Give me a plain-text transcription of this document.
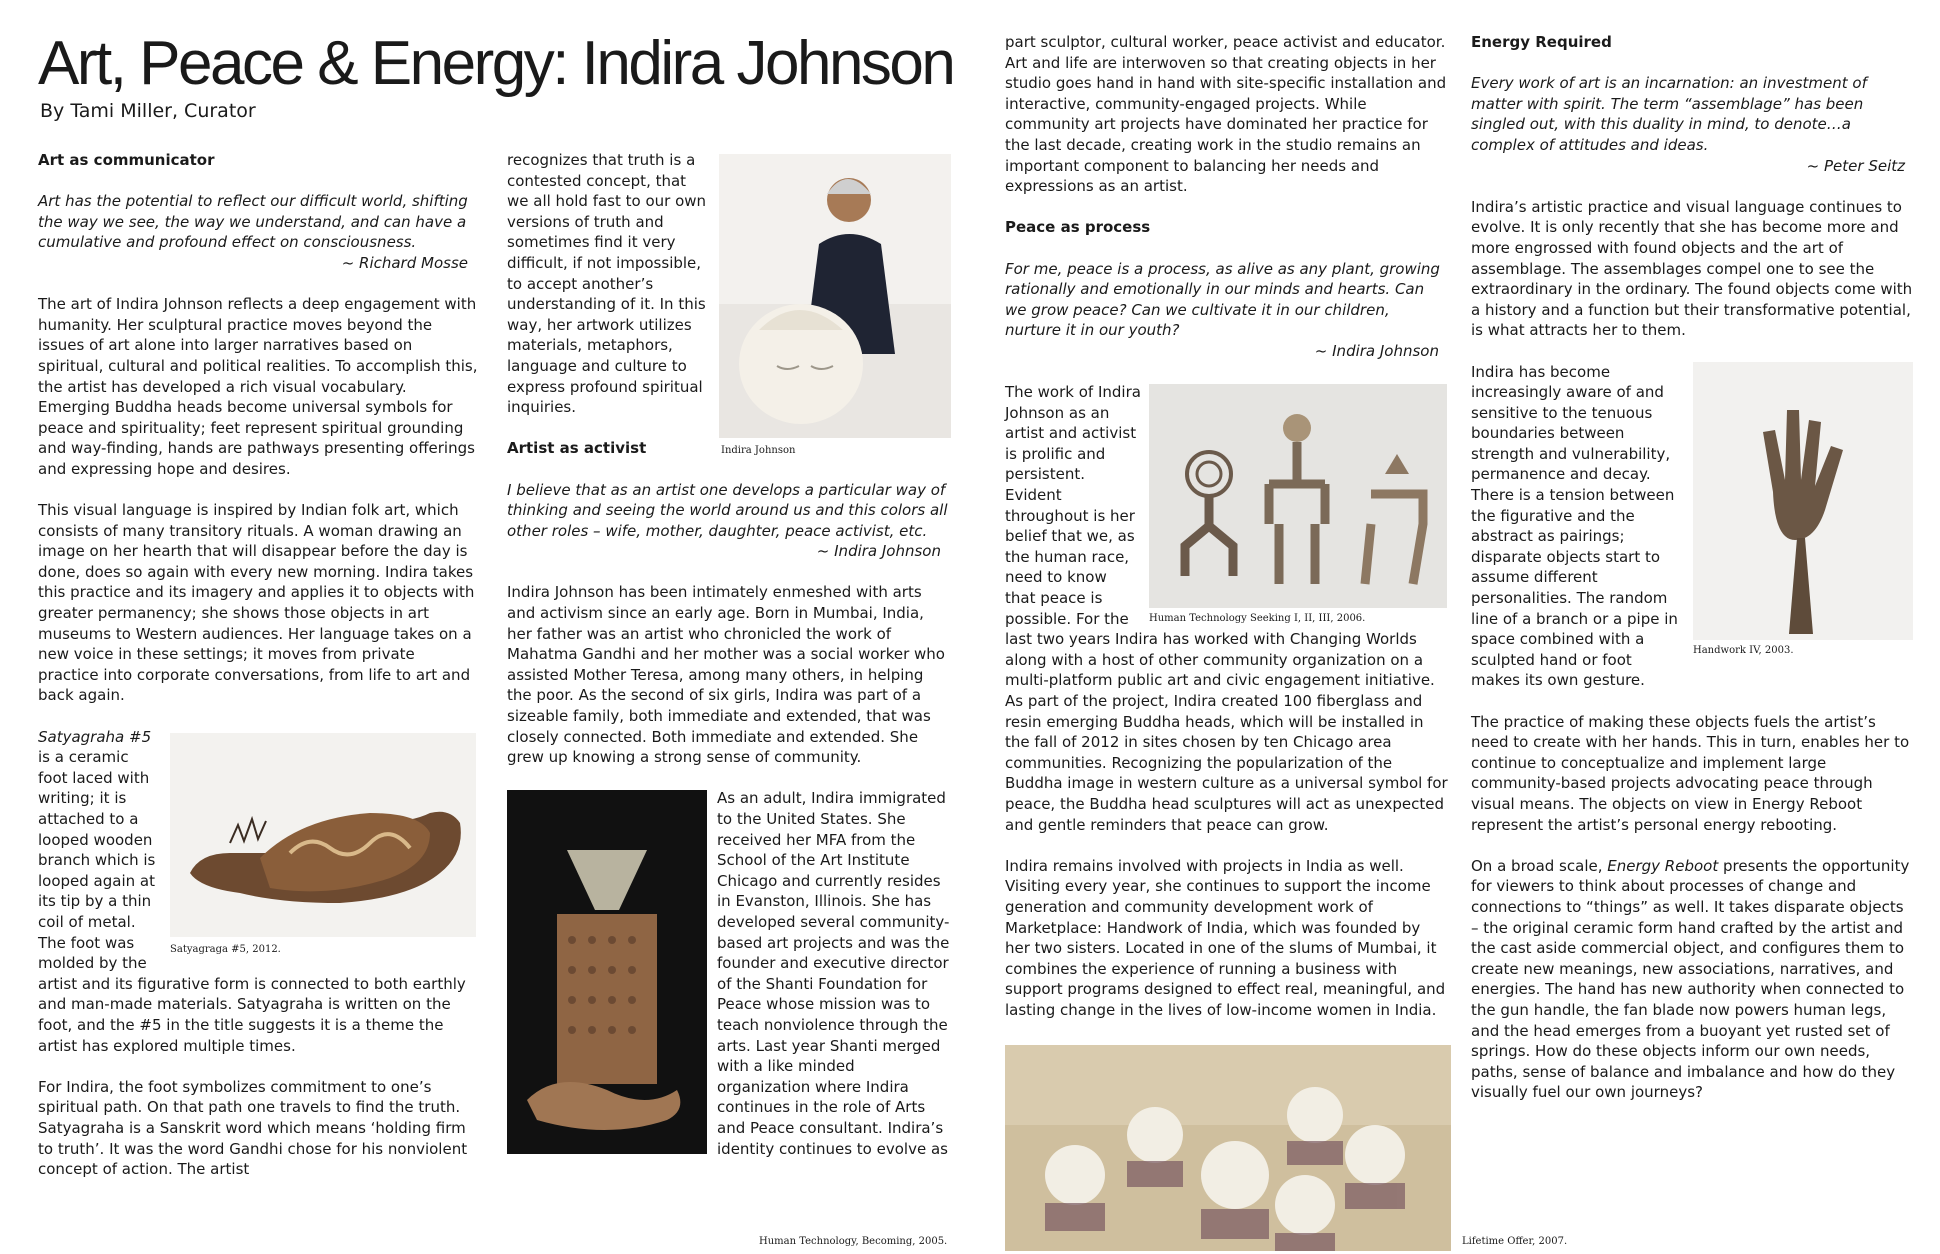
Art, Peace & Energy: Indira Johnson

By Tami Miller, Curator

Art as communicator

Art has the potential to reflect our difficult world, shifting the way we see, the way we understand, and can have a cumulative and profound effect on consciousness.
~ Richard Mosse

The art of Indira Johnson reflects a deep engagement with humanity. Her sculptural practice moves beyond the issues of art alone into larger narratives based on spiritual, cultural and political realities. To accomplish this, the artist has developed a rich visual vocabulary. Emerging Buddha heads become universal symbols for peace and spirituality; feet represent spiritual grounding and way-finding, hands are pathways presenting offerings and expressing hope and desires.

This visual language is inspired by Indian folk art, which consists of many transitory rituals. A woman drawing an image on her hearth that will disappear before the day is done, does so again with every new morning. Indira takes this practice and its imagery and applies it to objects with greater permanency; she shows those objects in art museums to Western audiences. Her language takes on a new voice in these settings; it moves from private practice into corporate conversations, from life to art and back again.

Satyagraga #5, 2012.

Satyagraha #5 is a ceramic foot laced with writing; it is attached to a looped wooden branch which is looped again at its tip by a thin coil of metal. The foot was molded by the artist and its figurative form is connected to both earthly and man-made materials. Satyagraha is written on the foot, and the #5 in the title suggests it is a theme the artist has explored multiple times.

For Indira, the foot symbolizes commitment to one’s spiritual path. On that path one travels to find the truth. Satyagraha is a Sanskrit word which means ‘holding firm to truth’. It was the word Gandhi chose for his nonviolent concept of action. The artist

Indira Johnson

recognizes that truth is a contested concept, that we all hold fast to our own versions of truth and sometimes find it very difficult, if not impossible, to accept another’s understanding of it. In this way, her artwork utilizes materials, metaphors, language and culture to express profound spiritual inquiries.

Artist as activist

I believe that as an artist one develops a particular way of thinking and seeing the world around us and this colors all other roles – wife, mother, daughter, peace activist, etc.
~ Indira Johnson

Indira Johnson has been intimately enmeshed with arts and activism since an early age. Born in Mumbai, India, her father was an artist who chronicled the work of Mahatma Gandhi and her mother was a social worker who assisted Mother Teresa, among many others, in helping the poor. As the second of six girls, Indira was part of a sizeable family, both immediate and extended, that was closely connected. Both immediate and extended. She grew up knowing a strong sense of community.

As an adult, Indira immigrated to the United States. She received her MFA from the School of the Art Institute Chicago and currently resides in Evanston, Illinois. She has developed several community-based art projects and was the founder and executive director of the Shanti Foundation for Peace whose mission was to teach nonviolence through the arts. Last year Shanti merged with a like minded organization where Indira continues in the role of Arts and Peace consultant. Indira’s identity continues to evolve as

Human Technology, Becoming, 2005.

part sculptor, cultural worker, peace activist and educator. Art and life are interwoven so that creating objects in her studio goes hand in hand with site-specific installation and interactive, community-engaged projects. While community art projects have dominated her practice for the last decade, creating work in the studio remains an important component to balancing her needs and expressions as an artist.

Peace as process

For me, peace is a process, as alive as any plant, growing rationally and emotionally in our minds and hearts. Can we grow peace? Can we cultivate it in our children, nurture it in our youth?
~ Indira Johnson

Human Technology Seeking I, II, III, 2006.

The work of Indira Johnson as an artist and activist is prolific and persistent. Evident throughout is her belief that we, as the human race, need to know that peace is possible. For the last two years Indira has worked with Changing Worlds along with a host of other community organization on a multi-platform public art and civic engagement initiative. As part of the project, Indira created 100 fiberglass and resin emerging Buddha heads, which will be installed in the fall of 2012 in sites chosen by ten Chicago area communities. Recognizing the popularization of the Buddha image in western culture as a universal symbol for peace, the Buddha head sculptures will act as unexpected and gentle reminders that peace can grow.

Indira remains involved with projects in India as well. Visiting every year, she continues to support the income generation and community development work of Marketplace: Handwork of India, which was founded by her two sisters. Located in one of the slums of Mumbai, it combines the experience of running a business with support programs designed to effect real, meaningful, and lasting change in the lives of low-income women in India.

Lifetime Offer, 2007.
Energy Required

Every work of art is an incarnation: an investment of matter with spirit. The term “assemblage” has been singled out, with this duality in mind, to denote…a complex of attitudes and ideas.
~ Peter Seitz

Indira’s artistic practice and visual language continues to evolve. It is only recently that she has become more and more engrossed with found objects and the art of assemblage. The assemblages compel one to see the extraordinary in the ordinary. The found objects come with a history and a function but their transformative potential, is what attracts her to them.

Handwork IV, 2003.

Indira has become increasingly aware of and sensitive to the tenuous boundaries between strength and vulnerability, permanence and decay. There is a tension between the figurative and the abstract as pairings; disparate objects start to assume different personalities. The random line of a branch or a pipe in space combined with a sculpted hand or foot makes its own gesture.

The practice of making these objects fuels the artist’s need to create with her hands. This in turn, enables her to continue to conceptualize and implement large community-based projects advocating peace through visual means. The objects on view in Energy Reboot represent the artist’s personal energy rebooting.

On a broad scale, Energy Reboot presents the opportunity for viewers to think about processes of change and connections to “things” as well. It takes disparate objects – the original ceramic form hand crafted by the artist and the cast aside commercial object, and configures them to create new meanings, new associations, narratives, and energies. The hand has new authority when connected to the gun handle, the fan blade now powers human legs, and the head emerges from a buoyant yet rusted set of springs. How do these objects inform our own needs, paths, sense of balance and imbalance and how do they visually fuel our own journeys?
